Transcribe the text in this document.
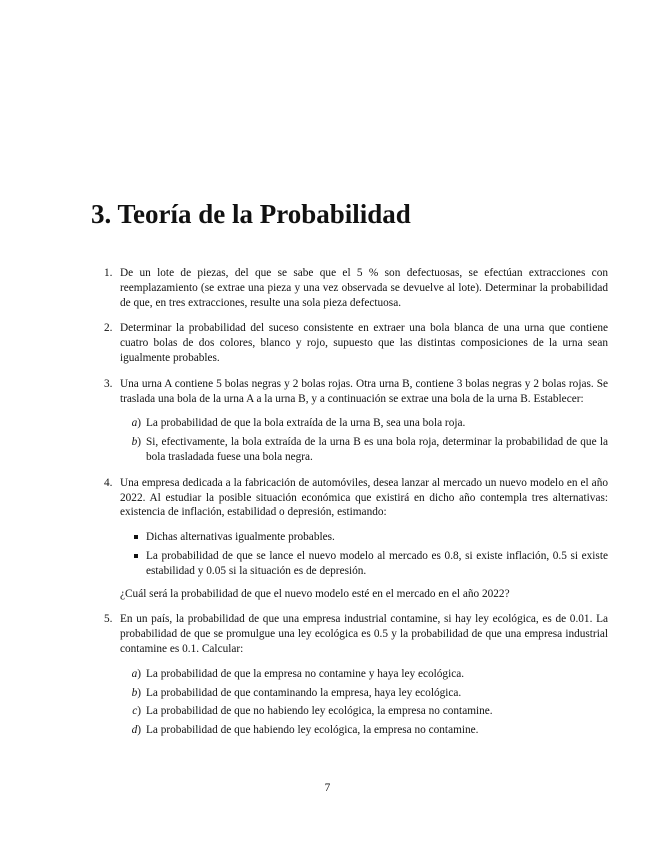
3. Teoría de la Probabilidad
1. De un lote de piezas, del que se sabe que el 5 % son defectuosas, se efectúan extracciones con reemplazamiento (se extrae una pieza y una vez observada se devuelve al lote). Determinar la probabilidad de que, en tres extracciones, resulte una sola pieza defectuosa.

2. Determinar la probabilidad del suceso consistente en extraer una bola blanca de una urna que contiene cuatro bolas de dos colores, blanco y rojo, supuesto que las distintas composiciones de la urna sean igualmente probables.

3. Una urna A contiene 5 bolas negras y 2 bolas rojas. Otra urna B, contiene 3 bolas negras y 2 bolas rojas. Se traslada una bola de la urna A a la urna B, y a continuación se extrae una bola de la urna B. Establecer:

a) La probabilidad de que la bola extraída de la urna B, sea una bola roja.

b) Si, efectivamente, la bola extraída de la urna B es una bola roja, determinar la probabilidad de que la bola trasladada fuese una bola negra.

4. Una empresa dedicada a la fabricación de automóviles, desea lanzar al mercado un nuevo modelo en el año 2022. Al estudiar la posible situación económica que existirá en dicho año contempla tres alternativas: existencia de inflación, estabilidad o depresión, estimando:

Dichas alternativas igualmente probables.

La probabilidad de que se lance el nuevo modelo al mercado es 0.8, si existe inflación, 0.5 si existe estabilidad y 0.05 si la situación es de depresión.

¿Cuál será la probabilidad de que el nuevo modelo esté en el mercado en el año 2022?

5. En un país, la probabilidad de que una empresa industrial contamine, si hay ley ecológica, es de 0.01. La probabilidad de que se promulgue una ley ecológica es 0.5 y la probabilidad de que una empresa industrial contamine es 0.1. Calcular:

a) La probabilidad de que la empresa no contamine y haya ley ecológica.

b) La probabilidad de que contaminando la empresa, haya ley ecológica.

c) La probabilidad de que no habiendo ley ecológica, la empresa no contamine.

d) La probabilidad de que habiendo ley ecológica, la empresa no contamine.

7
